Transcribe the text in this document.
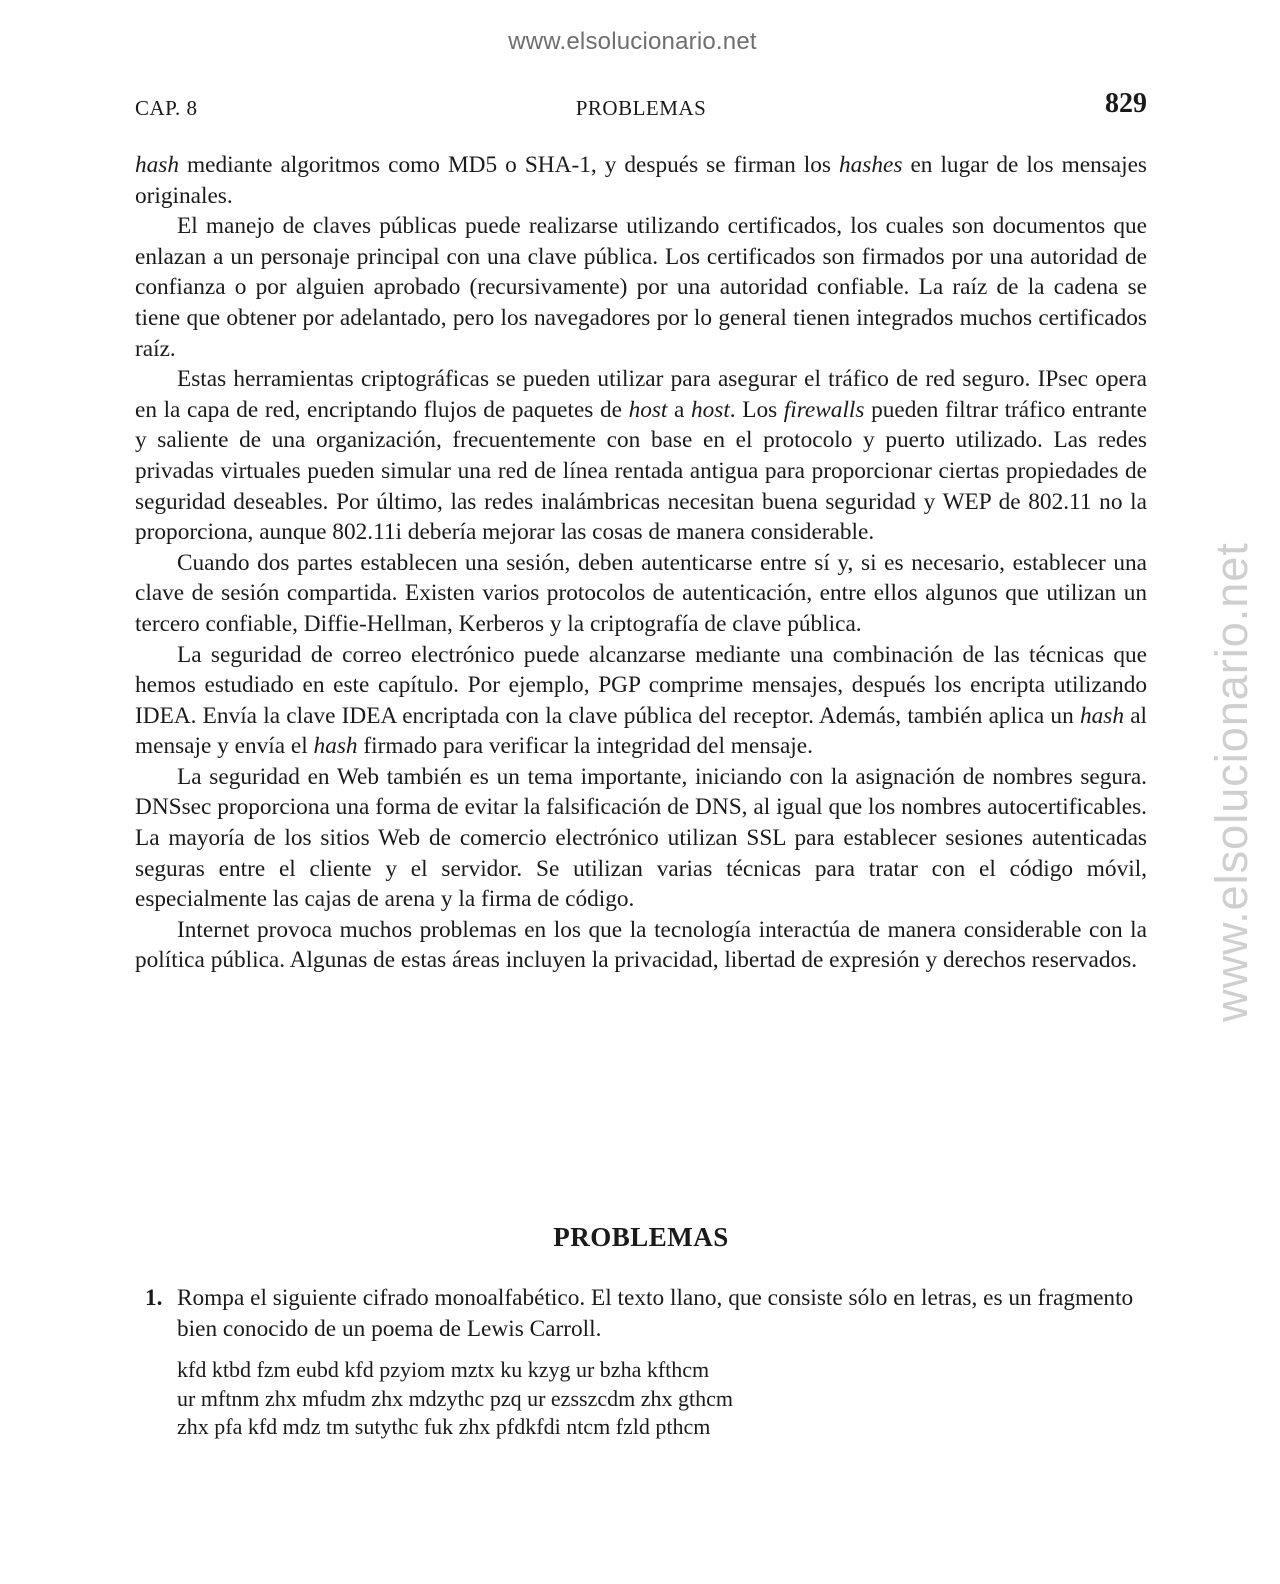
www.elsolucionario.net
www.elsolucionario.net
CAP. 8	PROBLEMAS	829

hash mediante algoritmos como MD5 o SHA-1, y después se firman los hashes en lugar de los mensajes originales.

El manejo de claves públicas puede realizarse utilizando certificados, los cuales son documentos que enlazan a un personaje principal con una clave pública. Los certificados son firmados por una autoridad de confianza o por alguien aprobado (recursivamente) por una autoridad confiable. La raíz de la cadena se tiene que obtener por adelantado, pero los navegadores por lo general tienen integrados muchos certificados raíz.

Estas herramientas criptográficas se pueden utilizar para asegurar el tráfico de red seguro. IPsec opera en la capa de red, encriptando flujos de paquetes de host a host. Los firewalls pueden filtrar tráfico entrante y saliente de una organización, frecuentemente con base en el protocolo y puerto utilizado. Las redes privadas virtuales pueden simular una red de línea rentada antigua para proporcionar ciertas propiedades de seguridad deseables. Por último, las redes inalámbricas necesitan buena seguridad y WEP de 802.11 no la proporciona, aunque 802.11i debería mejorar las cosas de manera considerable.

Cuando dos partes establecen una sesión, deben autenticarse entre sí y, si es necesario, establecer una clave de sesión compartida. Existen varios protocolos de autenticación, entre ellos algunos que utilizan un tercero confiable, Diffie-Hellman, Kerberos y la criptografía de clave pública.

La seguridad de correo electrónico puede alcanzarse mediante una combinación de las técnicas que hemos estudiado en este capítulo. Por ejemplo, PGP comprime mensajes, después los encripta utilizando IDEA. Envía la clave IDEA encriptada con la clave pública del receptor. Además, también aplica un hash al mensaje y envía el hash firmado para verificar la integridad del mensaje.

La seguridad en Web también es un tema importante, iniciando con la asignación de nombres segura. DNSsec proporciona una forma de evitar la falsificación de DNS, al igual que los nombres autocertificables. La mayoría de los sitios Web de comercio electrónico utilizan SSL para establecer sesiones autenticadas seguras entre el cliente y el servidor. Se utilizan varias técnicas para tratar con el código móvil, especialmente las cajas de arena y la firma de código.

Internet provoca muchos problemas en los que la tecnología interactúa de manera considerable con la política pública. Algunas de estas áreas incluyen la privacidad, libertad de expresión y derechos reservados.

PROBLEMAS
1. Rompa el siguiente cifrado monoalfabético. El texto llano, que consiste sólo en letras, es un fragmento bien conocido de un poema de Lewis Carroll.
kfd ktbd fzm eubd kfd pzyiom mztx ku kzyg ur bzha kfthcm
ur mftnm zhx mfudm zhx mdzythc pzq ur ezsszcdm zhx gthcm
zhx pfa kfd mdz tm sutythc fuk zhx pfdkfdi ntcm fzld pthcm
